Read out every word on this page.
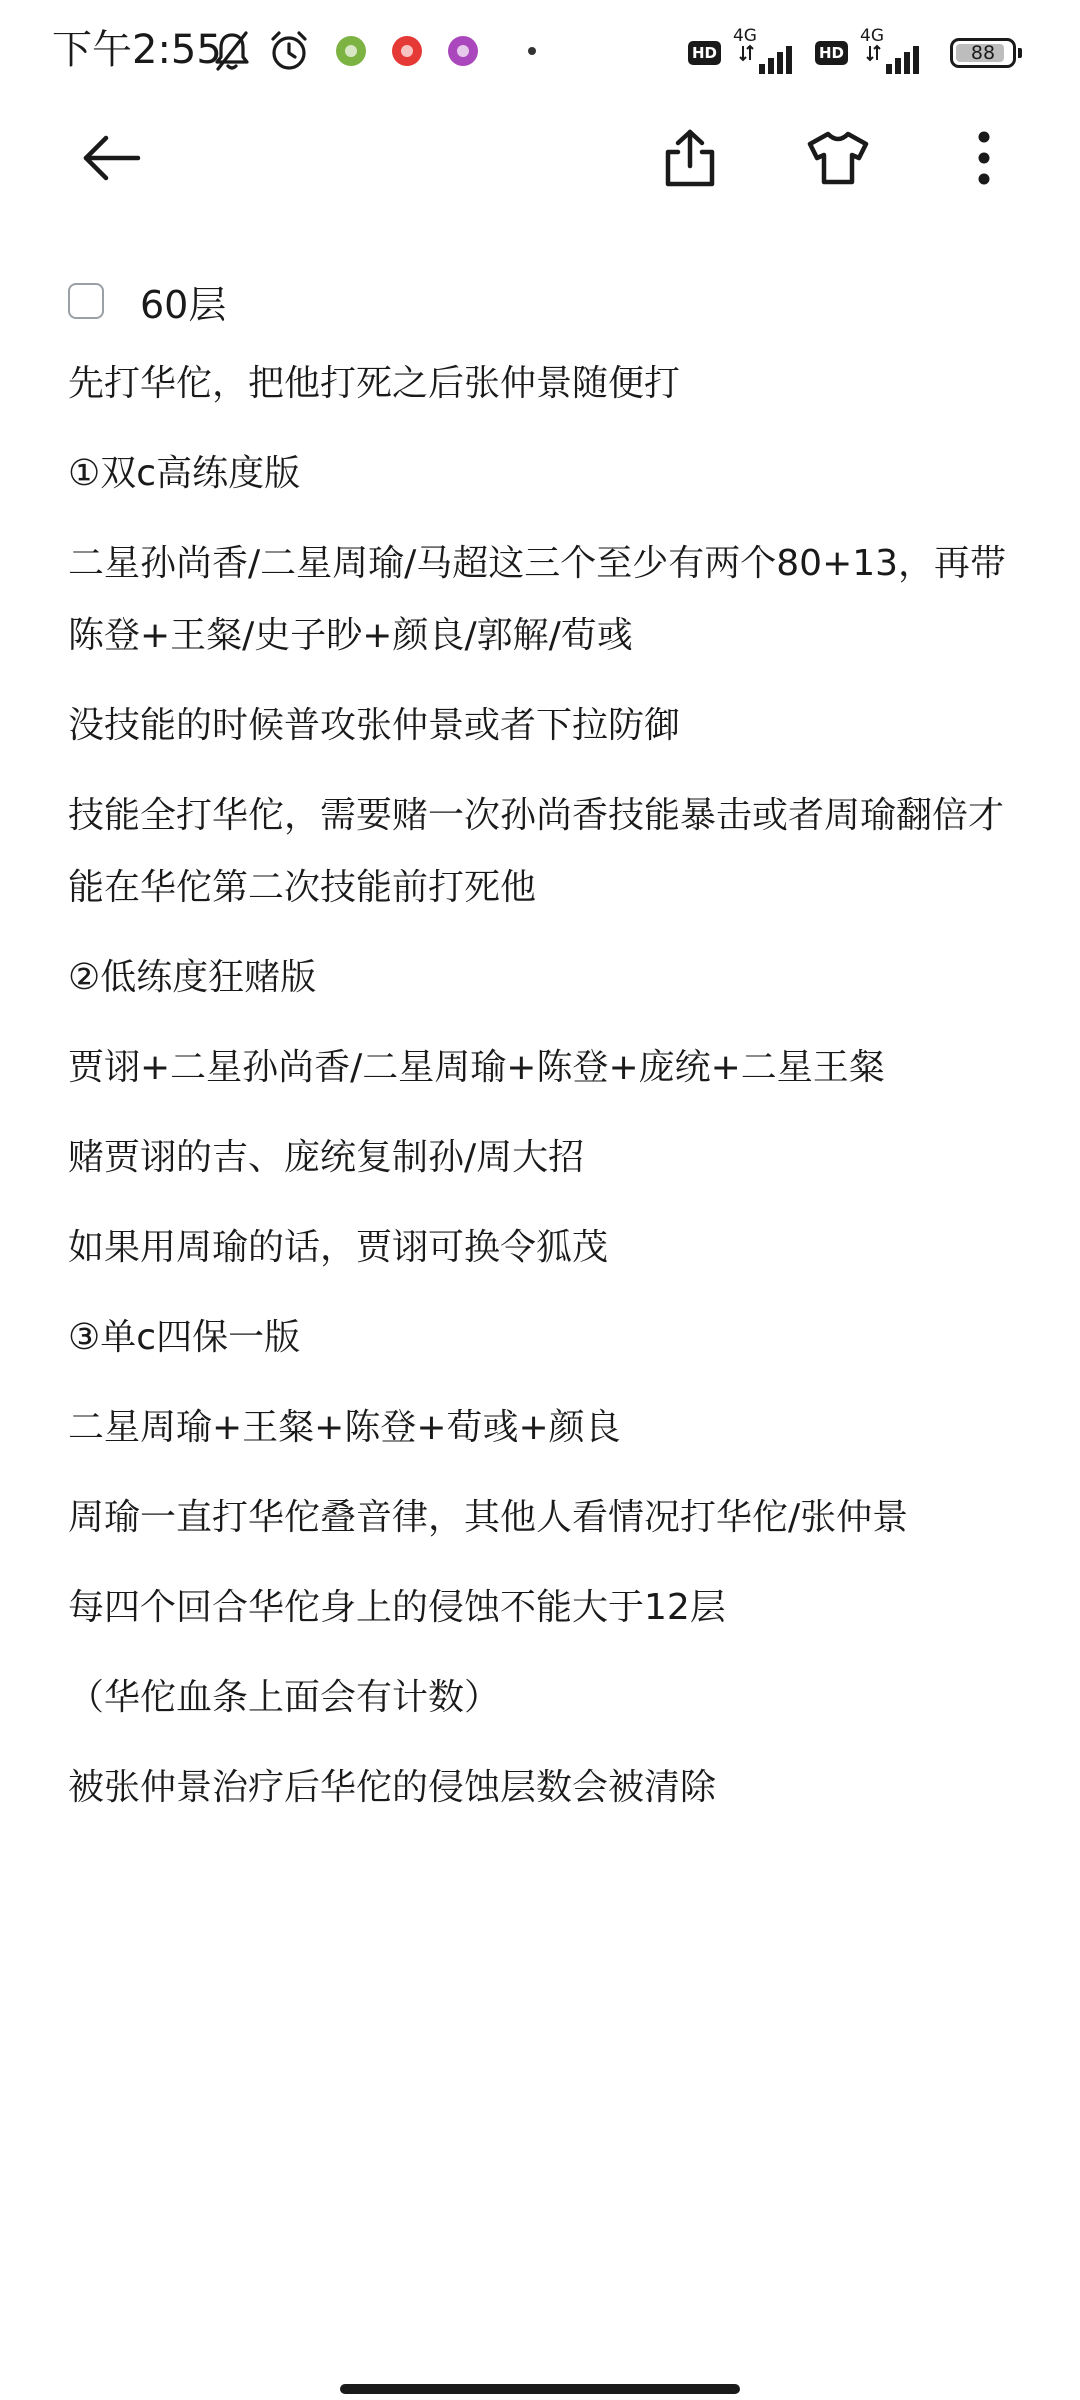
下午2:55	HD
4G
HD
4G
88
60层

先打华佗，把他打死之后张仲景随便打

①双c高练度版

二星孙尚香/二星周瑜/马超这三个至少有两个80+13，再带陈登+王粲/史子眇+颜良/郭解/荀彧

没技能的时候普攻张仲景或者下拉防御

技能全打华佗，需要赌一次孙尚香技能暴击或者周瑜翻倍才能在华佗第二次技能前打死他

②低练度狂赌版

贾诩+二星孙尚香/二星周瑜+陈登+庞统+二星王粲

赌贾诩的吉、庞统复制孙/周大招

如果用周瑜的话，贾诩可换令狐茂

③单c四保一版

二星周瑜+王粲+陈登+荀彧+颜良

周瑜一直打华佗叠音律，其他人看情况打华佗/张仲景

每四个回合华佗身上的侵蚀不能大于12层

（华佗血条上面会有计数）

被张仲景治疗后华佗的侵蚀层数会被清除
